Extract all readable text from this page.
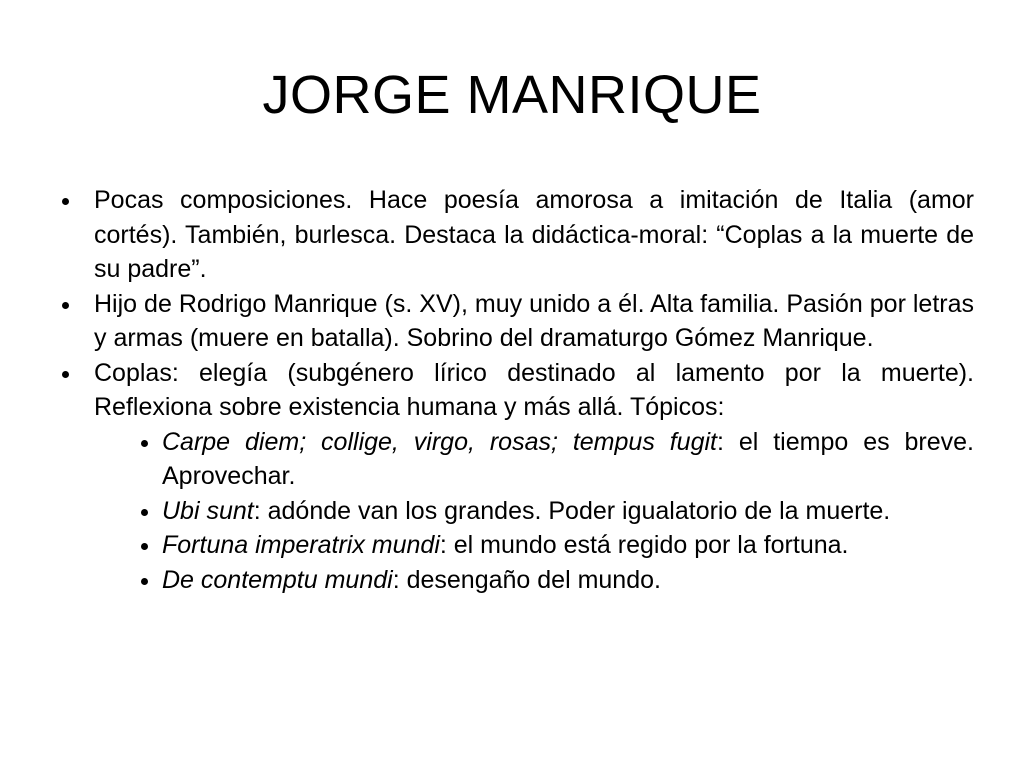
JORGE MANRIQUE
Pocas composiciones. Hace poesía amorosa a imitación de Italia (amor cortés). También, burlesca. Destaca la didáctica-moral: “Coplas a la muerte de su padre”.
Hijo de Rodrigo Manrique (s. XV), muy unido a él. Alta familia. Pasión por letras y armas (muere en batalla). Sobrino del dramaturgo Gómez Manrique.
Coplas: elegía (subgénero lírico destinado al lamento por la muerte). Reflexiona sobre existencia humana y más allá. Tópicos:
Carpe diem; collige, virgo, rosas; tempus fugit: el tiempo es breve. Aprovechar.
Ubi sunt: adónde van los grandes. Poder igualatorio de la muerte.
Fortuna imperatrix mundi: el mundo está regido por la fortuna.
De contemptu mundi: desengaño del mundo.
